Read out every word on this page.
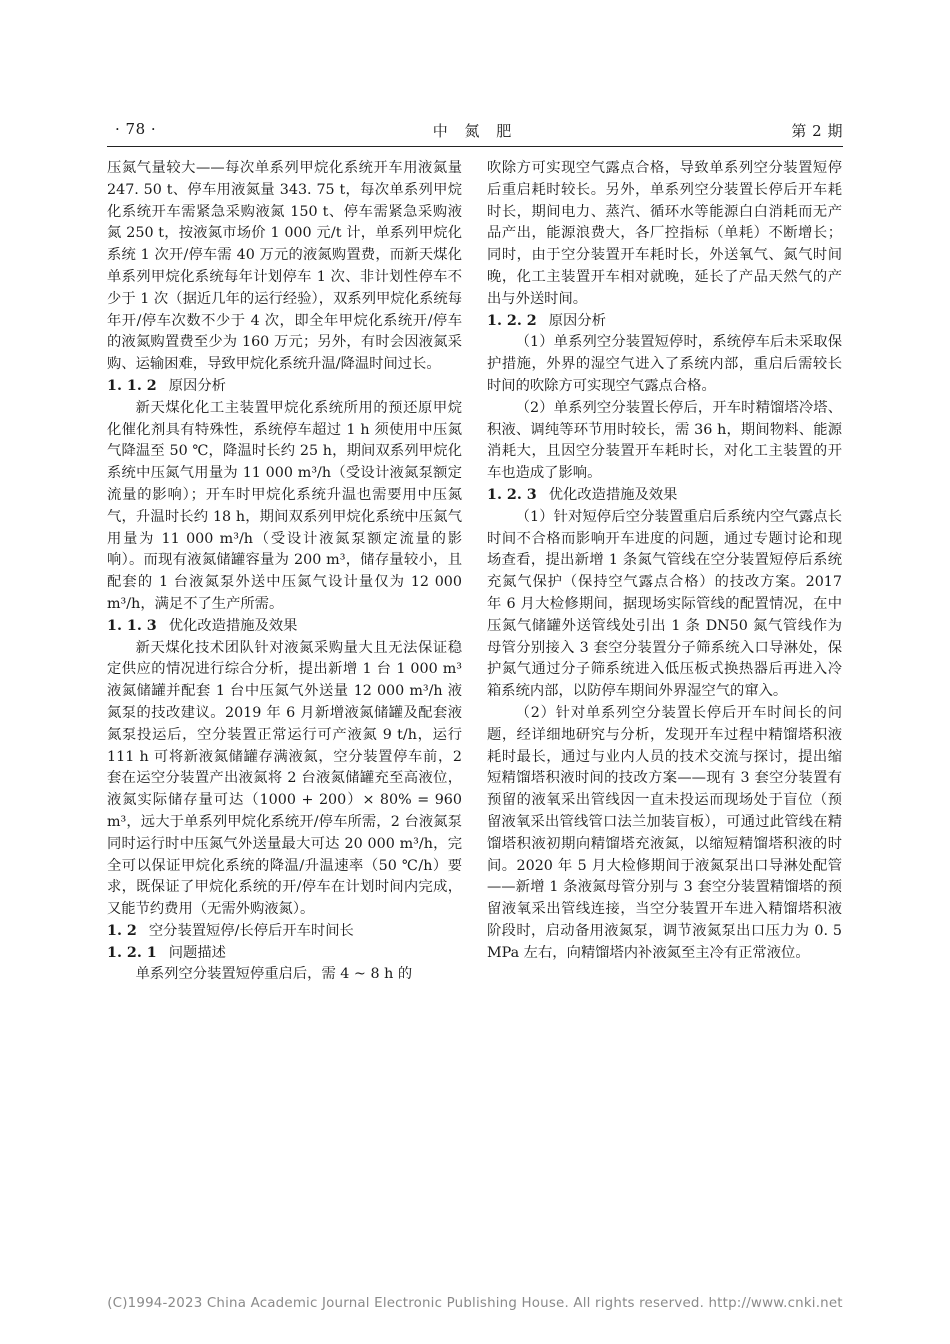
· 78 ·	中 氮 肥	第 2 期

压氮气量较大——每次单系列甲烷化系统开车用液氮量 247. 50 t、停车用液氮量 343. 75 t，每次单系列甲烷化系统开车需紧急采购液氮 150 t、停车需紧急采购液氮 250 t，按液氮市场价 1 000 元/t 计，单系列甲烷化系统 1 次开/停车需 40 万元的液氮购置费，而新天煤化单系列甲烷化系统每年计划停车 1 次、非计划性停车不少于 1 次（据近几年的运行经验），双系列甲烷化系统每年开/停车次数不少于 4 次，即全年甲烷化系统开/停车的液氮购置费至少为 160 万元；另外，有时会因液氮采购、运输困难，导致甲烷化系统升温/降温时间过长。

1. 1. 2 原因分析

新天煤化化工主装置甲烷化系统所用的预还原甲烷化催化剂具有特殊性，系统停车超过 1 h 须使用中压氮气降温至 50 ℃，降温时长约 25 h，期间双系列甲烷化系统中压氮气用量为 11 000 m³/h（受设计液氮泵额定流量的影响）；开车时甲烷化系统升温也需要用中压氮气，升温时长约 18 h，期间双系列甲烷化系统中压氮气用量为 11 000 m³/h（受设计液氮泵额定流量的影响）。而现有液氮储罐容量为 200 m³，储存量较小，且配套的 1 台液氮泵外送中压氮气设计量仅为 12 000 m³/h，满足不了生产所需。

1. 1. 3 优化改造措施及效果

新天煤化技术团队针对液氮采购量大且无法保证稳定供应的情况进行综合分析，提出新增 1 台 1 000 m³ 液氮储罐并配套 1 台中压氮气外送量 12 000 m³/h 液氮泵的技改建议。2019 年 6 月新增液氮储罐及配套液氮泵投运后，空分装置正常运行可产液氮 9 t/h，运行 111 h 可将新液氮储罐存满液氮，空分装置停车前，2 套在运空分装置产出液氮将 2 台液氮储罐充至高液位，液氮实际储存量可达（1000 + 200）× 80% = 960 m³，远大于单系列甲烷化系统开/停车所需，2 台液氮泵同时运行时中压氮气外送量最大可达 20 000 m³/h，完全可以保证甲烷化系统的降温/升温速率（50 ℃/h）要求，既保证了甲烷化系统的开/停车在计划时间内完成，又能节约费用（无需外购液氮）。

1. 2 空分装置短停/长停后开车时间长
1. 2. 1 问题描述

单系列空分装置短停重启后，需 4 ~ 8 h 的

吹除方可实现空气露点合格，导致单系列空分装置短停后重启耗时较长。另外，单系列空分装置长停后开车耗时长，期间电力、蒸汽、循环水等能源白白消耗而无产品产出，能源浪费大，各厂控指标（单耗）不断增长；同时，由于空分装置开车耗时长，外送氧气、氮气时间晚，化工主装置开车相对就晚，延长了产品天然气的产出与外送时间。

1. 2. 2 原因分析

（1）单系列空分装置短停时，系统停车后未采取保护措施，外界的湿空气进入了系统内部，重启后需较长时间的吹除方可实现空气露点合格。

（2）单系列空分装置长停后，开车时精馏塔冷塔、积液、调纯等环节用时较长，需 36 h，期间物料、能源消耗大，且因空分装置开车耗时长，对化工主装置的开车也造成了影响。

1. 2. 3 优化改造措施及效果

（1）针对短停后空分装置重启后系统内空气露点长时间不合格而影响开车进度的问题，通过专题讨论和现场查看，提出新增 1 条氮气管线在空分装置短停后系统充氮气保护（保持空气露点合格）的技改方案。2017 年 6 月大检修期间，据现场实际管线的配置情况，在中压氮气储罐外送管线处引出 1 条 DN50 氮气管线作为母管分别接入 3 套空分装置分子筛系统入口导淋处，保护氮气通过分子筛系统进入低压板式换热器后再进入冷箱系统内部，以防停车期间外界湿空气的窜入。

（2）针对单系列空分装置长停后开车时间长的问题，经详细地研究与分析，发现开车过程中精馏塔积液耗时最长，通过与业内人员的技术交流与探讨，提出缩短精馏塔积液时间的技改方案——现有 3 套空分装置有预留的液氧采出管线因一直未投运而现场处于盲位（预留液氧采出管线管口法兰加装盲板），可通过此管线在精馏塔积液初期向精馏塔充液氮，以缩短精馏塔积液的时间。2020 年 5 月大检修期间于液氮泵出口导淋处配管——新增 1 条液氮母管分别与 3 套空分装置精馏塔的预留液氧采出管线连接，当空分装置开车进入精馏塔积液阶段时，启动备用液氮泵，调节液氮泵出口压力为 0. 5 MPa 左右，向精馏塔内补液氮至主冷有正常液位。

(C)1994-2023 China Academic Journal Electronic Publishing House. All rights reserved. http://www.cnki.net
